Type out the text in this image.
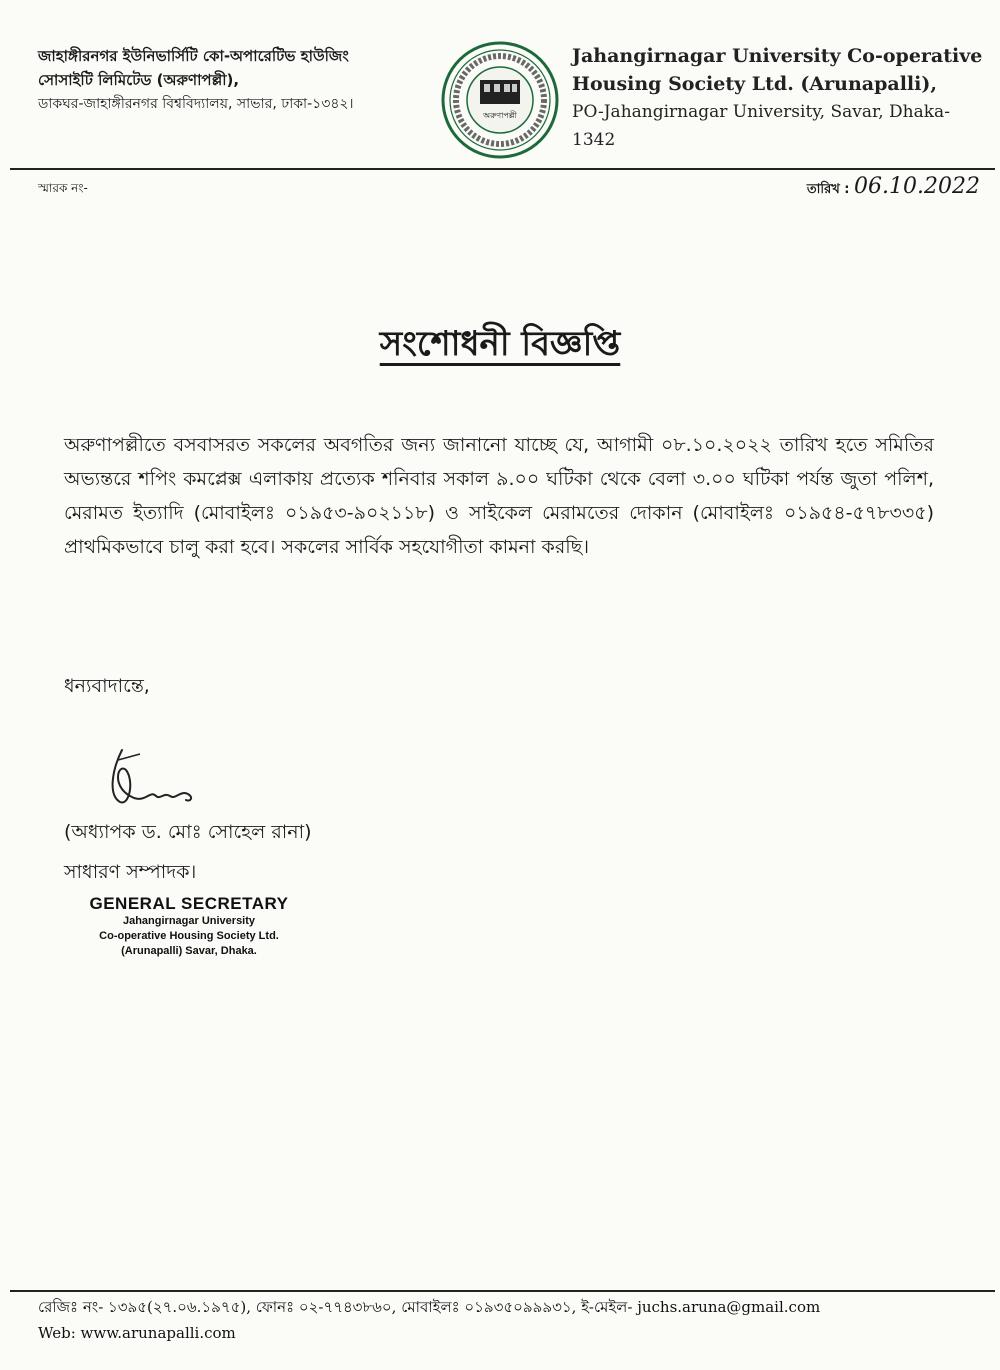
জাহাঙ্গীরনগর ইউনিভার্সিটি কো-অপারেটিভ হাউজিং
সোসাইটি লিমিটেড (অরুণাপল্লী),
ডাকঘর-জাহাঙ্গীরনগর বিশ্ববিদ্যালয়, সাভার, ঢাকা-১৩৪২।
অরুণাপল্লী
জাহাঙ্গীরনগর ইউনিভার্সিটি কো-অপারেটিভ হাউজিং সোসাইটি লিঃ
Jahangirnagar University Co-operative
Housing Society Ltd. (Arunapalli),
PO-Jahangirnagar University, Savar, Dhaka-1342
স্মারক নং-	তারিখ : 06.10.2022
সংশোধনী বিজ্ঞপ্তি
অরুণাপল্লীতে বসবাসরত সকলের অবগতির জন্য জানানো যাচ্ছে যে, আগামী ০৮.১০.২০২২ তারিখ হতে সমিতির অভ্যন্তরে শপিং কমপ্লেক্স এলাকায় প্রত্যেক শনিবার সকাল ৯.০০ ঘটিকা থেকে বেলা ৩.০০ ঘটিকা পর্যন্ত জুতা পলিশ, মেরামত ইত্যাদি (মোবাইলঃ ০১৯৫৩-৯০২১১৮) ও সাইকেল মেরামতের দোকান (মোবাইলঃ ০১৯৫৪-৫৭৮৩৩৫) প্রাথমিকভাবে চালু করা হবে। সকলের সার্বিক সহযোগীতা কামনা করছি।
ধন্যবাদান্তে,
(অধ্যাপক ড. মোঃ সোহেল রানা)
সাধারণ সম্পাদক।
GENERAL SECRETARY
Jahangirnagar University
Co-operative Housing Society Ltd.
(Arunapalli) Savar, Dhaka.
রেজিঃ নং- ১৩৯৫(২৭.০৬.১৯৭৫), ফোনঃ ০২-৭৭৪৩৮৬০, মোবাইলঃ ০১৯৩৫০৯৯৯৩১, ই-মেইল- juchs.aruna@gmail.com
Web: www.arunapalli.com
